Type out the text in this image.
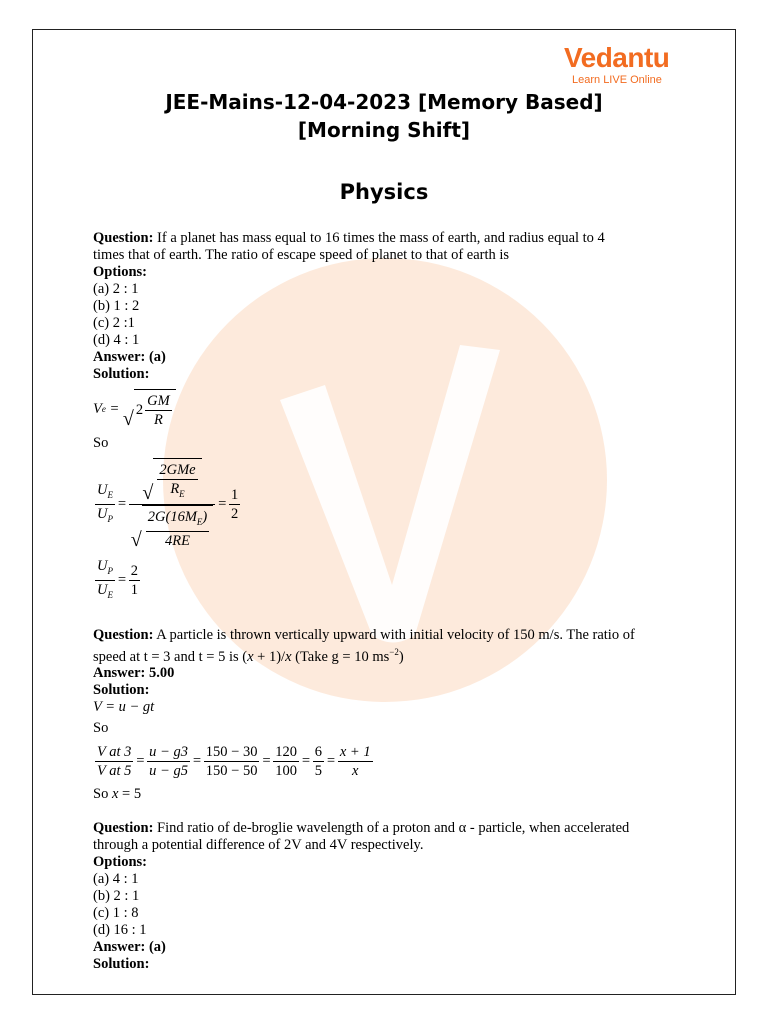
Vedantu
Learn LIVE Online
JEE-Mains-12-04-2023 [Memory Based]
[Morning Shift]
Physics
Question: If a planet has mass equal to 16 times the mass of earth, and radius equal to 4
times that of earth. The ratio of escape speed of planet to that of earth is
Options:
(a) 2 : 1
(b) 1 : 2
(c) 2 :1
(d) 4 : 1
Answer: (a)
Solution:
V e = √ $2 \frac{GM}{R}$
So
$\frac{U_E}{U_P} = \frac{√ \frac{\text{2GMe}}{R_E}}{√ \frac{2G(16M_E)}{4RE}} = \frac{1}{2}$
$\frac{U_P}{U_E} = \frac{2}{1}$
Question: A particle is thrown vertically upward with initial velocity of 150 m/s. The ratio of
speed at t = 3 and t = 5 is (x + 1)/x (Take g = 10 $ms^{-2}$)
Answer: 5.00
Solution:
V = u − gt
So
$\frac{\text{V at 3}}{\text{V at 5}} = \frac{u - g3}{u - g5} = \frac{150 - 30}{150 - 50} = \frac{120}{100} = \frac{6}{5} = \frac{x + 1}{x}$
So x = 5
Question: Find ratio of de-broglie wavelength of a proton and α - particle, when accelerated
through a potential difference of 2V and 4V respectively.
Options:
(a) 4 : 1
(b) 2 : 1
(c) 1 : 8
(d) 16 : 1
Answer: (a)
Solution:
